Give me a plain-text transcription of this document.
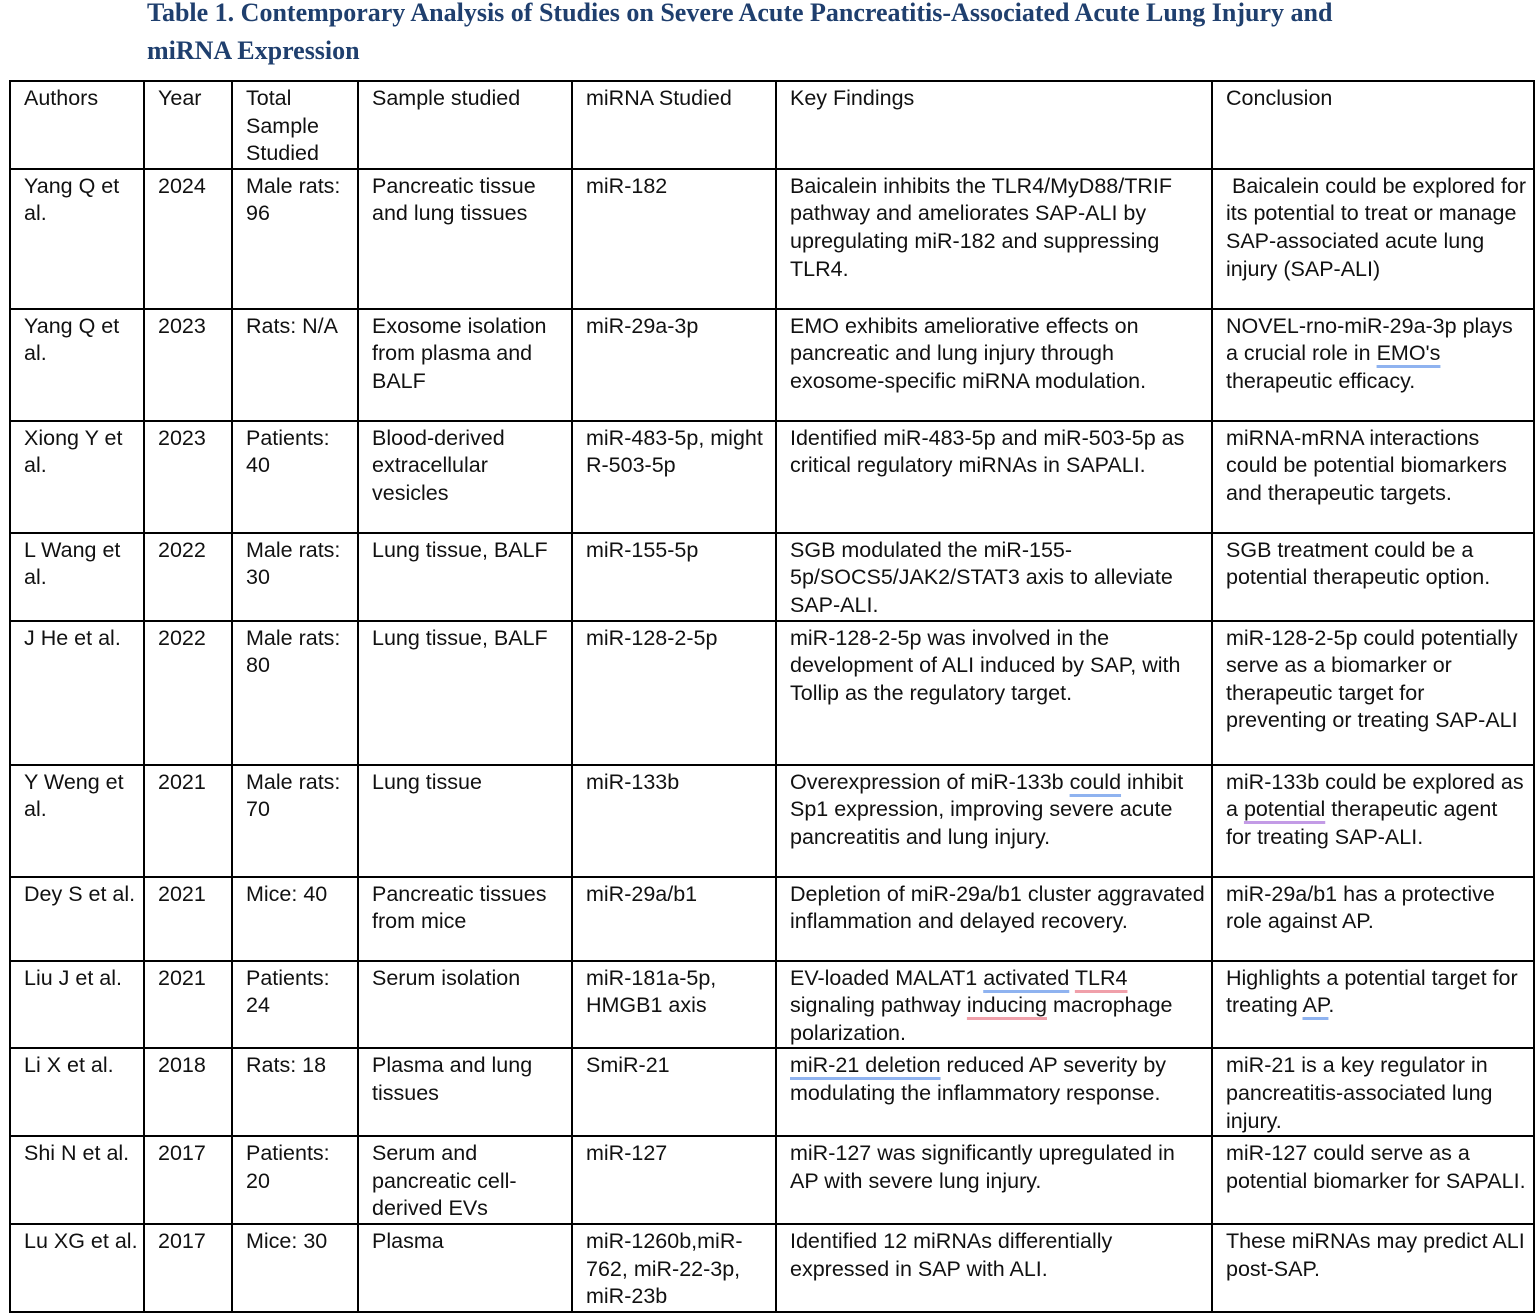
Table 1. Contemporary Analysis of Studies on Severe Acute Pancreatitis-Associated Acute Lung Injury and miRNA Expression
Authors	Year	Total Sample Studied	Sample studied	miRNA Studied	Key Findings	Conclusion
Yang Q et al.	2024	Male rats: 96	Pancreatic tissue and lung tissues	miR-182	Baicalein inhibits the TLR4/MyD88/TRIF pathway and ameliorates SAP-ALI by upregulating miR-182 and suppressing TLR4.	Baicalein could be explored for its potential to treat or manage SAP-associated acute lung injury (SAP-ALI)
Yang Q et al.	2023	Rats: N/A	Exosome isolation from plasma and BALF	miR-29a-3p	EMO exhibits ameliorative effects on pancreatic and lung injury through exosome-specific miRNA modulation.	NOVEL-rno-miR-29a-3p plays a crucial role in EMO's therapeutic efficacy.
Xiong Y et al.	2023	Patients: 40	Blood-derived extracellular vesicles	miR-483-5p, might R-503-5p	Identified miR-483-5p and miR-503-5p as critical regulatory miRNAs in SAPALI.	miRNA-mRNA interactions could be potential biomarkers and therapeutic targets.
L Wang et al.	2022	Male rats: 30	Lung tissue, BALF	miR-155-5p	SGB modulated the miR-155-5p/SOCS5/JAK2/STAT3 axis to alleviate SAP-ALI.	SGB treatment could be a potential therapeutic option.
J He et al.	2022	Male rats: 80	Lung tissue, BALF	miR-128-2-5p	miR-128-2-5p was involved in the development of ALI induced by SAP, with Tollip as the regulatory target.	miR-128-2-5p could potentially serve as a biomarker or therapeutic target for preventing or treating SAP-ALI
Y Weng et al.	2021	Male rats: 70	Lung tissue	miR-133b	Overexpression of miR-133b could inhibit Sp1 expression, improving severe acute pancreatitis and lung injury.	miR-133b could be explored as a potential therapeutic agent for treating SAP-ALI.
Dey S et al.	2021	Mice: 40	Pancreatic tissues from mice	miR-29a/b1	Depletion of miR-29a/b1 cluster aggravated inflammation and delayed recovery.	miR-29a/b1 has a protective role against AP.
Liu J et al.	2021	Patients: 24	Serum isolation	miR-181a-5p, HMGB1 axis	EV-loaded MALAT1 activated TLR4 signaling pathway inducing macrophage polarization.	Highlights a potential target for treating AP.
Li X et al.	2018	Rats: 18	Plasma and lung tissues	SmiR-21	miR-21 deletion reduced AP severity by modulating the inflammatory response.	miR-21 is a key regulator in pancreatitis-associated lung injury.
Shi N et al.	2017	Patients: 20	Serum and pancreatic cell-derived EVs	miR-127	miR-127 was significantly upregulated in AP with severe lung injury.	miR-127 could serve as a potential biomarker for SAPALI.
Lu XG et al.	2017	Mice: 30	Plasma	miR-1260b,miR-762, miR-22-3p, miR-23b	Identified 12 miRNAs differentially expressed in SAP with ALI.	These miRNAs may predict ALI post-SAP.
